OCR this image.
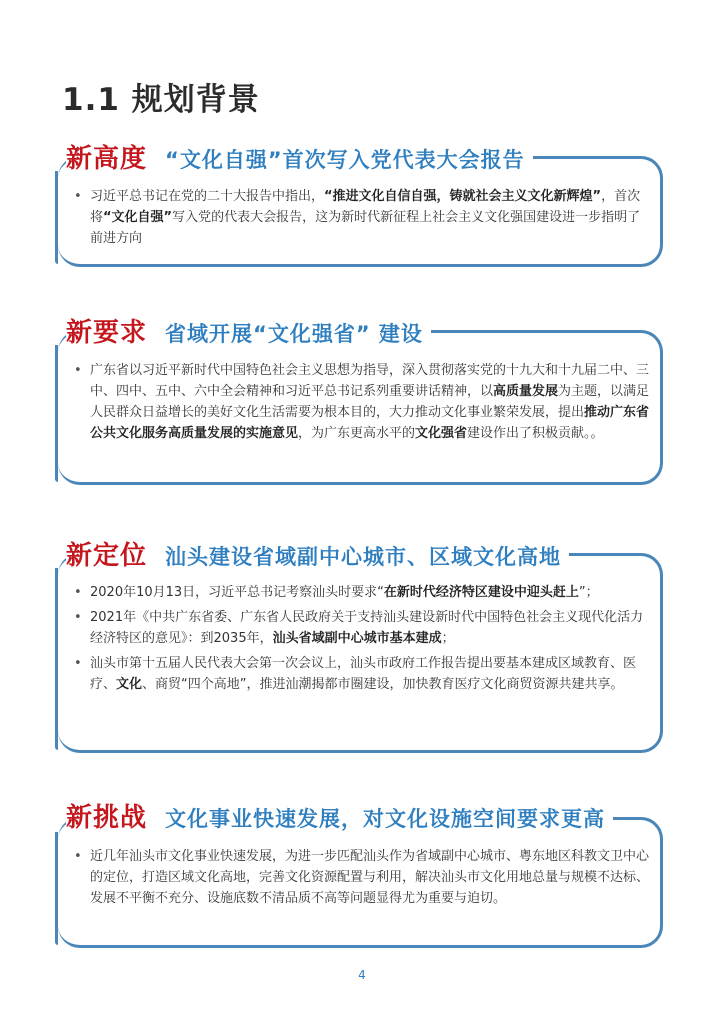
1.1 规划背景
新高度 “文化自强”首次写入党代表大会报告
• 习近平总书记在党的二十大报告中指出，“推进文化自信自强，铸就社会主义文化新辉煌”，首次将“文化自强”写入党的代表大会报告，这为新时代新征程上社会主义文化强国建设进一步指明了前进方向
新要求 省域开展“文化强省” 建设
• 广东省以习近平新时代中国特色社会主义思想为指导，深入贯彻落实党的十九大和十九届二中、三中、四中、五中、六中全会精神和习近平总书记系列重要讲话精神，以高质量发展为主题，以满足人民群众日益增长的美好文化生活需要为根本目的，大力推动文化事业繁荣发展，提出推动广东省公共文化服务高质量发展的实施意见，为广东更高水平的文化强省建设作出了积极贡献。。
新定位 汕头建设省域副中心城市、区域文化高地
• 2020年10月13日，习近平总书记考察汕头时要求“在新时代经济特区建设中迎头赶上”；
• 2021年《中共广东省委、广东省人民政府关于支持汕头建设新时代中国特色社会主义现代化活力经济特区的意见》：到2035年，汕头省域副中心城市基本建成；
• 汕头市第十五届人民代表大会第一次会议上，汕头市政府工作报告提出要基本建成区域教育、医疗、文化、商贸“四个高地”，推进汕潮揭都市圈建设，加快教育医疗文化商贸资源共建共享。
新挑战 文化事业快速发展，对文化设施空间要求更高
• 近几年汕头市文化事业快速发展，为进一步匹配汕头作为省域副中心城市、粤东地区科教文卫中心的定位，打造区域文化高地，完善文化资源配置与利用，解决汕头市文化用地总量与规模不达标、发展不平衡不充分、设施底数不清品质不高等问题显得尤为重要与迫切。
4
